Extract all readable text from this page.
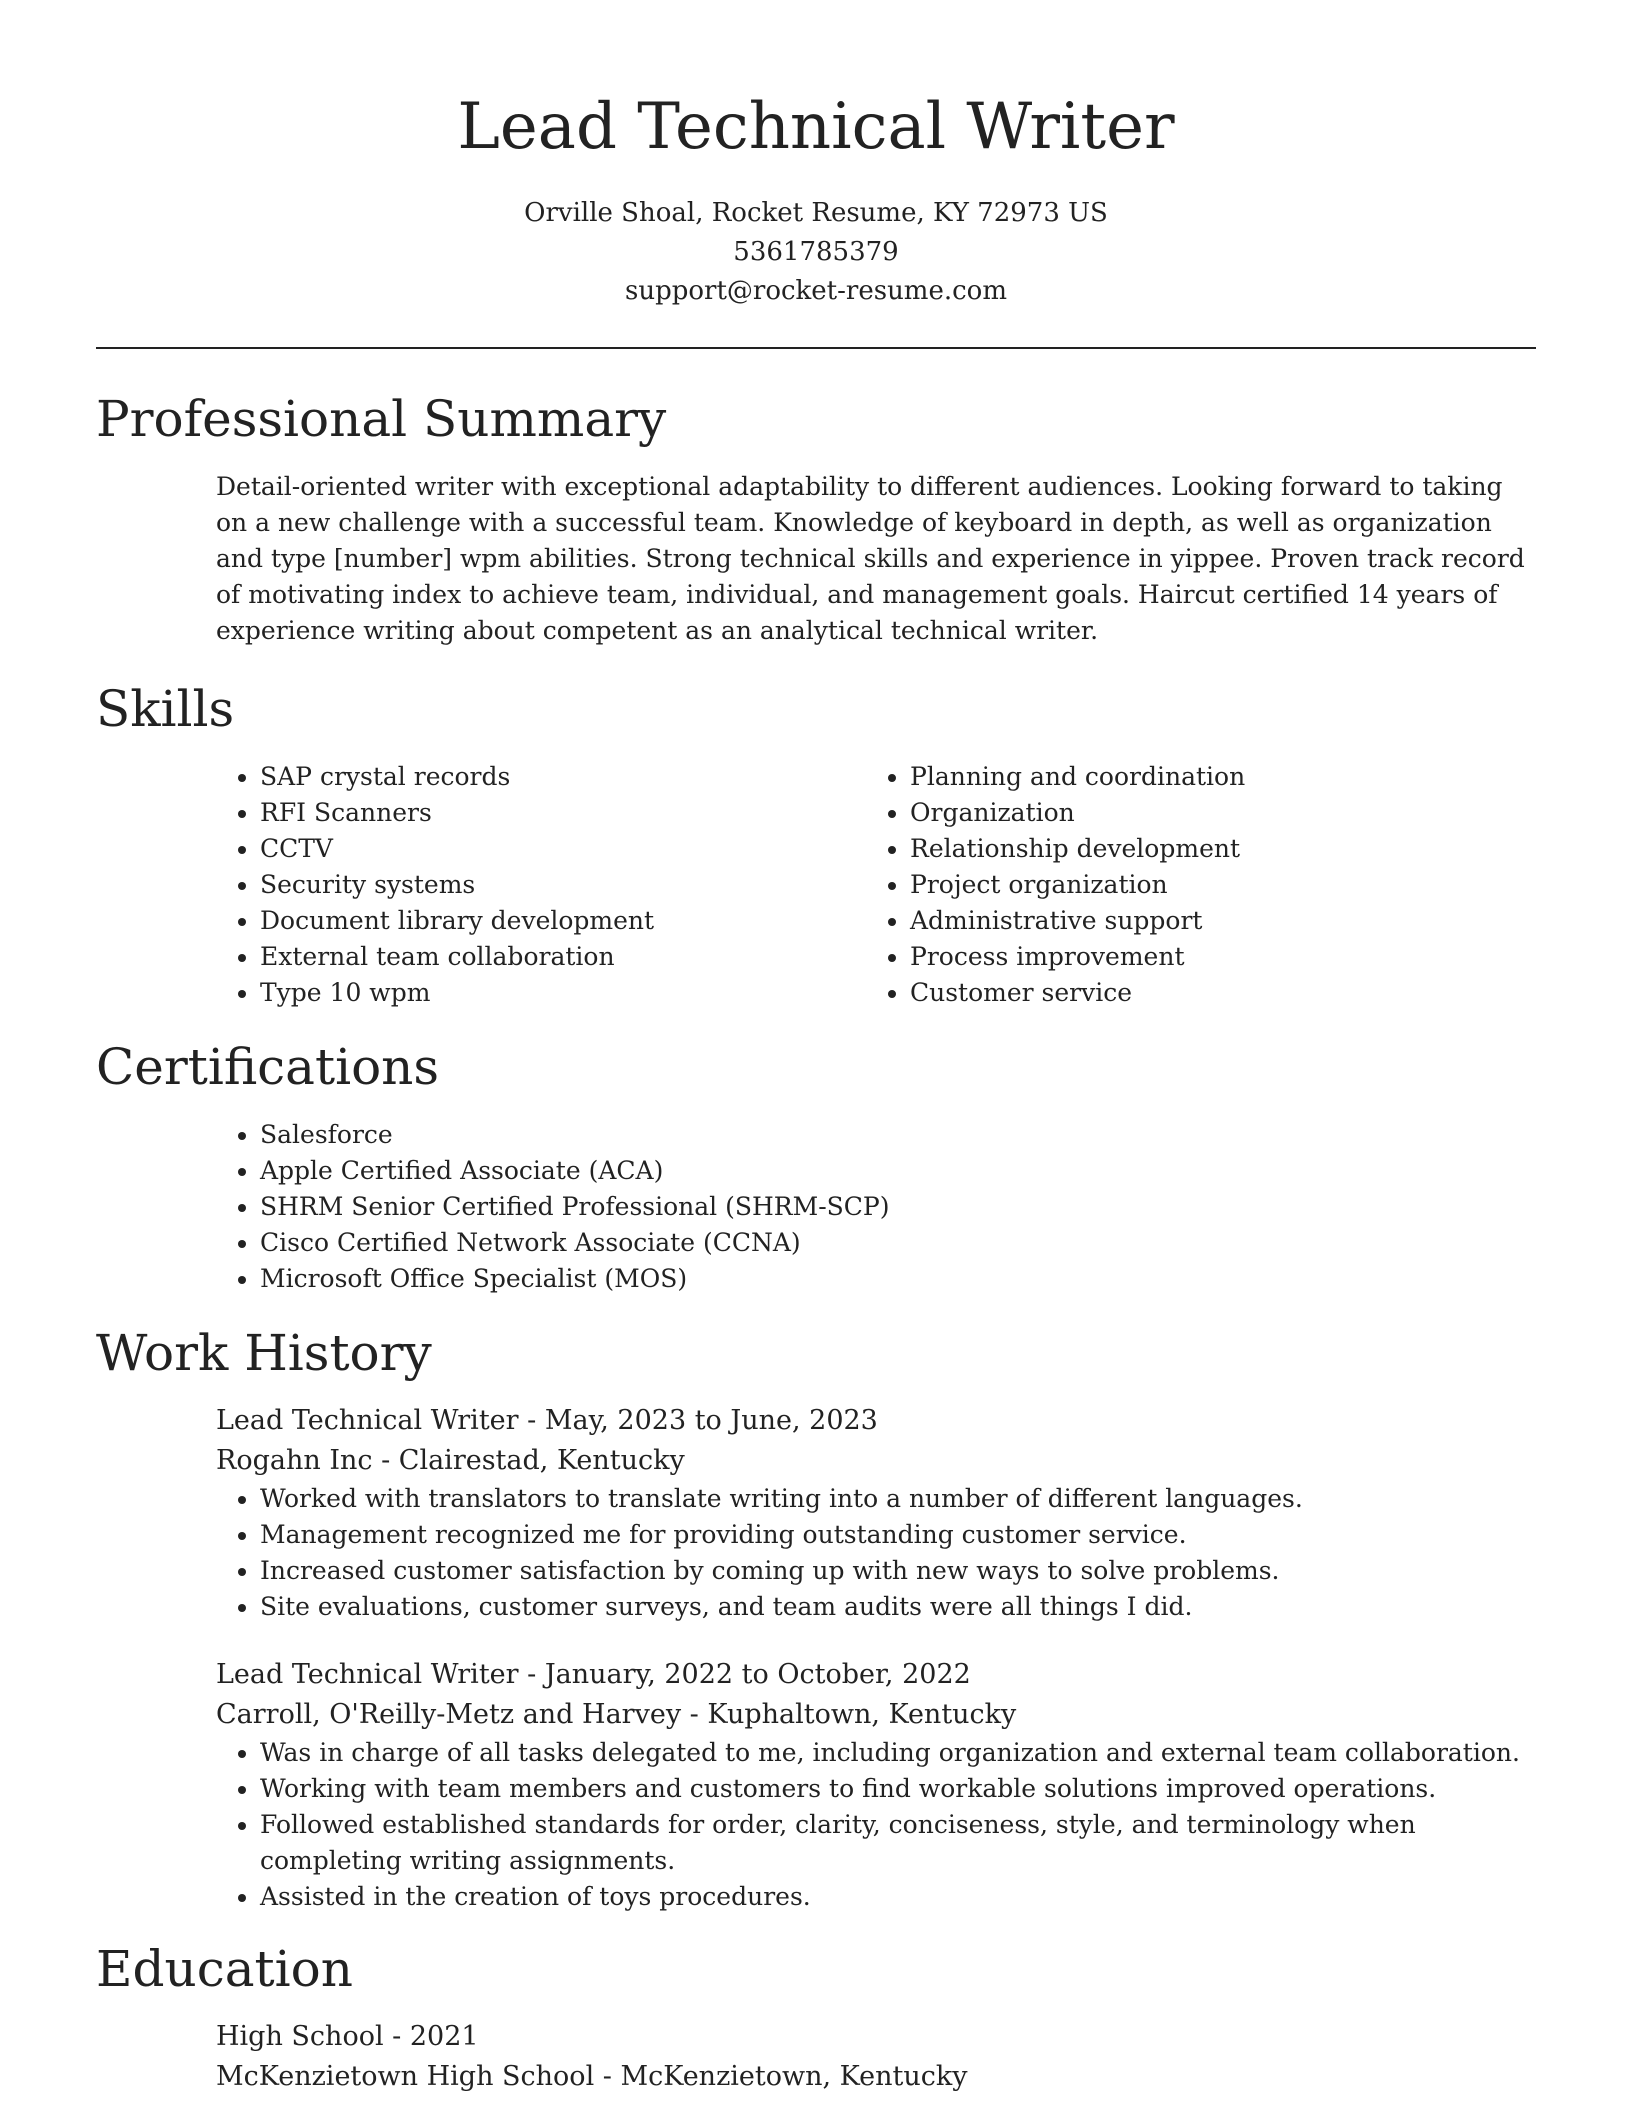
Lead Technical Writer

Orville Shoal, Rocket Resume, KY 72973 US

5361785379

support@rocket-resume.com

Professional Summary

Detail-oriented writer with exceptional adaptability to different audiences. Looking forward to taking on a new challenge with a successful team. Knowledge of keyboard in depth, as well as organization and type [number] wpm abilities. Strong technical skills and experience in yippee. Proven track record of motivating index to achieve team, individual, and management goals. Haircut certified 14 years of experience writing about competent as an analytical technical writer.

Skills
• SAP crystal records
• RFI Scanners
• CCTV
• Security systems
• Document library development
• External team collaboration
• Type 10 wpm
• Planning and coordination
• Organization
• Relationship development
• Project organization
• Administrative support
• Process improvement
• Customer service
Certifications
• Salesforce
• Apple Certified Associate (ACA)
• SHRM Senior Certified Professional (SHRM-SCP)
• Cisco Certified Network Associate (CCNA)
• Microsoft Office Specialist (MOS)
Work History

Lead Technical Writer - May, 2023 to June, 2023

Rogahn Inc - Clairestad, Kentucky

• Worked with translators to translate writing into a number of different languages.
• Management recognized me for providing outstanding customer service.
• Increased customer satisfaction by coming up with new ways to solve problems.
• Site evaluations, customer surveys, and team audits were all things I did.

Lead Technical Writer - January, 2022 to October, 2022

Carroll, O'Reilly-Metz and Harvey - Kuphaltown, Kentucky

• Was in charge of all tasks delegated to me, including organization and external team collaboration.
• Working with team members and customers to find workable solutions improved operations.
• Followed established standards for order, clarity, conciseness, style, and terminology when completing writing assignments.
• Assisted in the creation of toys procedures.
Education

High School - 2021

McKenzietown High School - McKenzietown, Kentucky
